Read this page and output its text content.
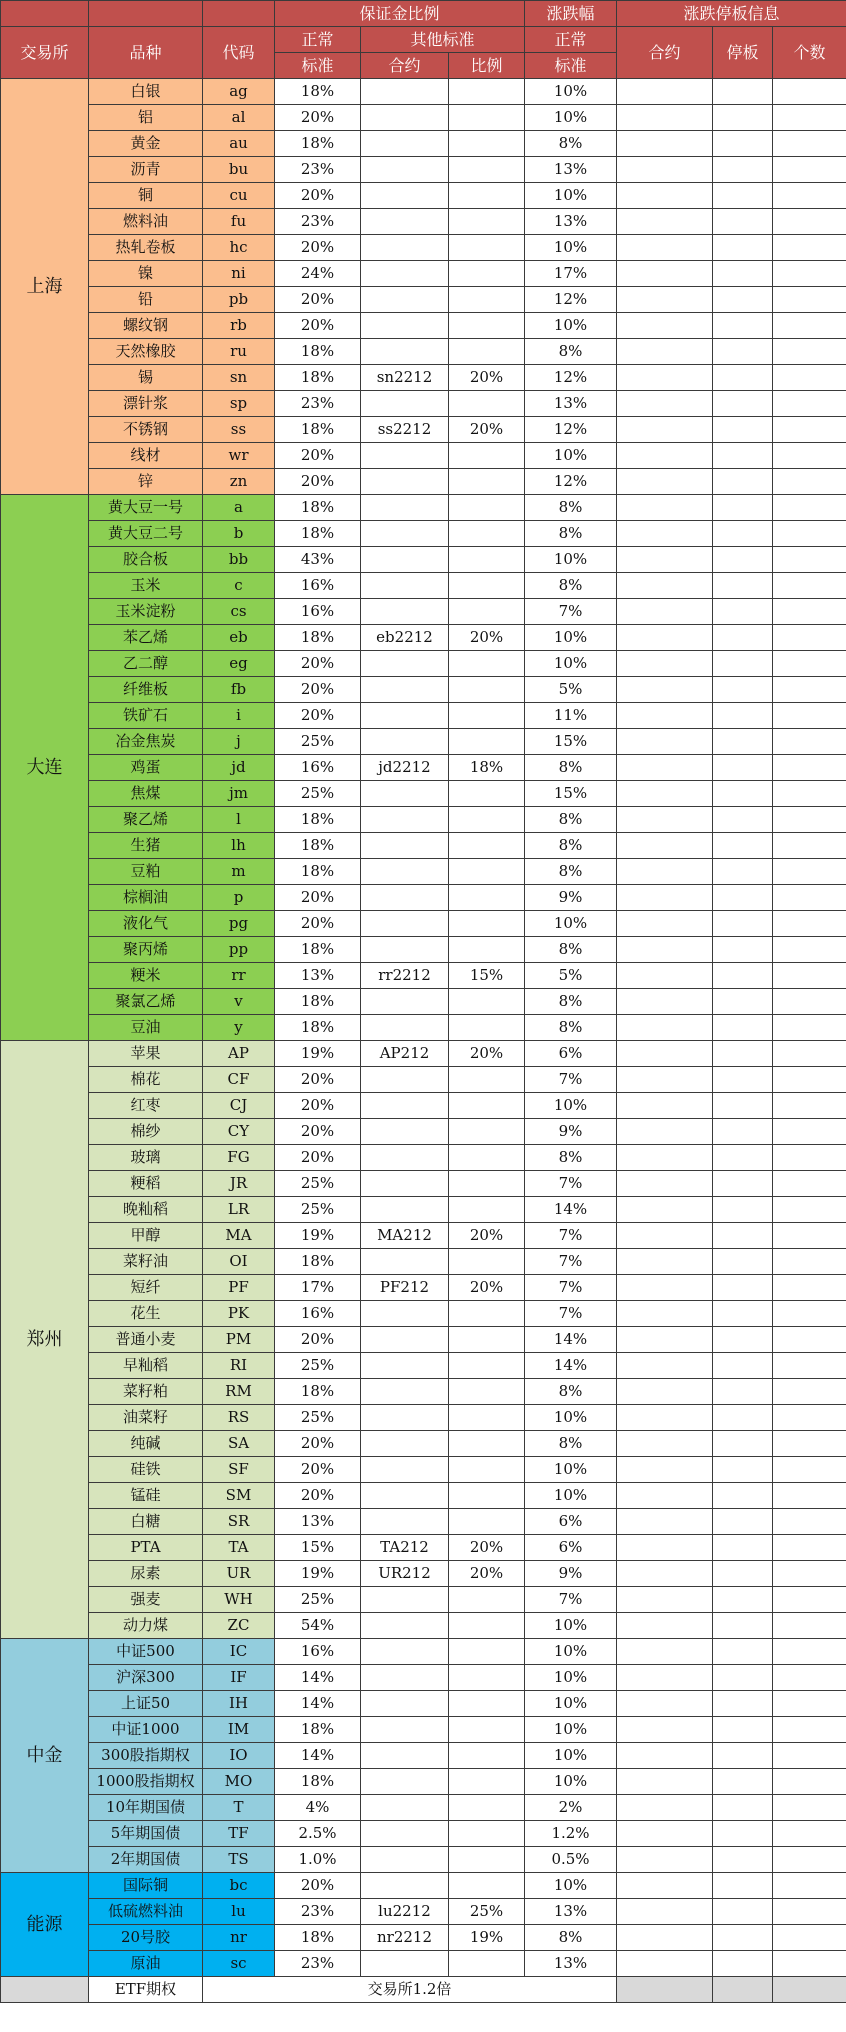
			保证金比例			涨跌幅	涨跌停板信息		
交易所	品种	代码	正常	其他标准		正常	合约	停板	个数
			标准	合约	比例	标准			
上海	白银	ag	18%			10%			
	铝	al	20%			10%			
	黄金	au	18%			8%			
	沥青	bu	23%			13%			
	铜	cu	20%			10%			
	燃料油	fu	23%			13%			
	热轧卷板	hc	20%			10%			
	镍	ni	24%			17%			
	铅	pb	20%			12%			
	螺纹钢	rb	20%			10%			
	天然橡胶	ru	18%			8%			
	锡	sn	18%	sn2212	20%	12%			
	漂针浆	sp	23%			13%			
	不锈钢	ss	18%	ss2212	20%	12%			
	线材	wr	20%			10%			
	锌	zn	20%			12%			
大连	黄大豆一号	a	18%			8%			
	黄大豆二号	b	18%			8%			
	胶合板	bb	43%			10%			
	玉米	c	16%			8%			
	玉米淀粉	cs	16%			7%			
	苯乙烯	eb	18%	eb2212	20%	10%			
	乙二醇	eg	20%			10%			
	纤维板	fb	20%			5%			
	铁矿石	i	20%			11%			
	冶金焦炭	j	25%			15%			
	鸡蛋	jd	16%	jd2212	18%	8%			
	焦煤	jm	25%			15%			
	聚乙烯	l	18%			8%			
	生猪	lh	18%			8%			
	豆粕	m	18%			8%			
	棕榈油	p	20%			9%			
	液化气	pg	20%			10%			
	聚丙烯	pp	18%			8%			
	粳米	rr	13%	rr2212	15%	5%			
	聚氯乙烯	v	18%			8%			
	豆油	y	18%			8%			
郑州	苹果	AP	19%	AP212	20%	6%			
	棉花	CF	20%			7%			
	红枣	CJ	20%			10%			
	棉纱	CY	20%			9%			
	玻璃	FG	20%			8%			
	粳稻	JR	25%			7%			
	晚籼稻	LR	25%			14%			
	甲醇	MA	19%	MA212	20%	7%			
	菜籽油	OI	18%			7%			
	短纤	PF	17%	PF212	20%	7%			
	花生	PK	16%			7%			
	普通小麦	PM	20%			14%			
	早籼稻	RI	25%			14%			
	菜籽粕	RM	18%			8%			
	油菜籽	RS	25%			10%			
	纯碱	SA	20%			8%			
	硅铁	SF	20%			10%			
	锰硅	SM	20%			10%			
	白糖	SR	13%			6%			
	PTA	TA	15%	TA212	20%	6%			
	尿素	UR	19%	UR212	20%	9%			
	强麦	WH	25%			7%			
	动力煤	ZC	54%			10%			
中金	中证500	IC	16%			10%			
	沪深300	IF	14%			10%			
	上证50	IH	14%			10%			
	中证1000	IM	18%			10%			
	300股指期权	IO	14%			10%			
	1000股指期权	MO	18%			10%			
	10年期国债	T	4%			2%			
	5年期国债	TF	2.5%			1.2%			
	2年期国债	TS	1.0%			0.5%			
能源	国际铜	bc	20%			10%			
	低硫燃料油	lu	23%	lu2212	25%	13%			
	20号胶	nr	18%	nr2212	19%	8%			
	原油	sc	23%			13%			
	ETF期权	交易所1.2倍							
